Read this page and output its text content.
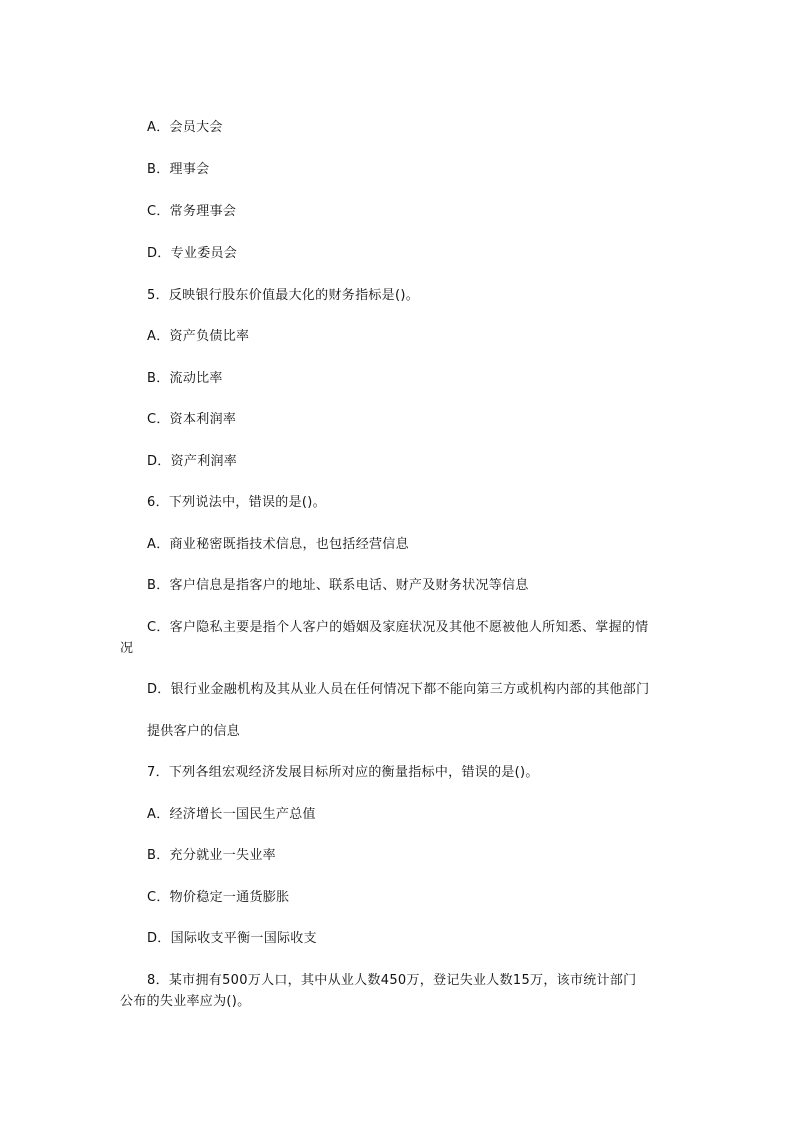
A．会员大会
B．理事会
C．常务理事会
D．专业委员会
5．反映银行股东价值最大化的财务指标是()。
A．资产负债比率
B．流动比率
C．资本利润率
D．资产利润率
6．下列说法中，错误的是()。
A．商业秘密既指技术信息，也包括经营信息
B．客户信息是指客户的地址、联系电话、财产及财务状况等信息
C．客户隐私主要是指个人客户的婚姻及家庭状况及其他不愿被他人所知悉、掌握的情
况
D．银行业金融机构及其从业人员在任何情况下都不能向第三方或机构内部的其他部门
提供客户的信息
7．下列各组宏观经济发展目标所对应的衡量指标中，错误的是()。
A．经济增长一国民生产总值
B．充分就业一失业率
C．物价稳定一通货膨胀
D．国际收支平衡一国际收支
8．某市拥有500万人口，其中从业人数450万，登记失业人数15万，该市统计部门
公布的失业率应为()。
